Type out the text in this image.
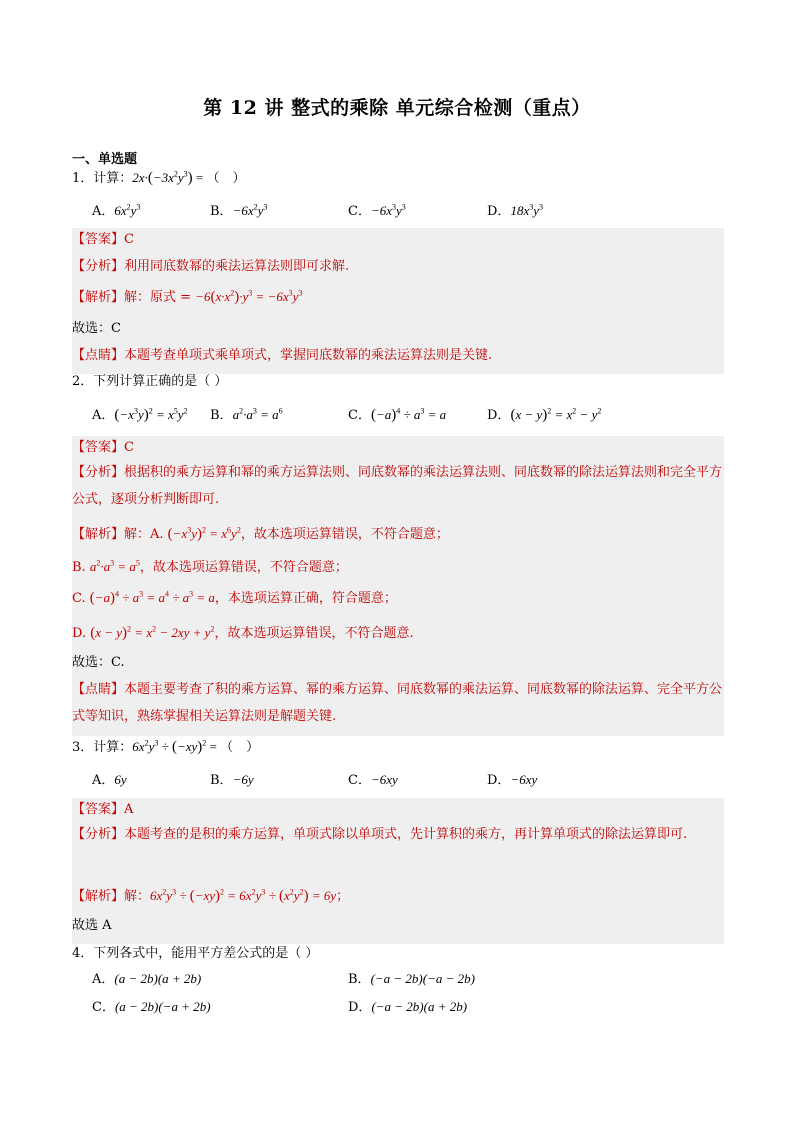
第 12 讲 整式的乘除 单元综合检测（重点）
一、单选题
1．计算：$2x\cdot(-3x^2y^3)$ = （    ）
A．$6x^2y^3$	B．$-6x^2y^3$	C．$-6x^3y^3$	D．$18x^3y^3$
【答案】C
【分析】利用同底数幂的乘法运算法则即可求解.
【解析】解：原式 = $-6(x\cdot x^2)\cdot y^3 = -6x^3y^3$
故选：C
【点睛】本题考查单项式乘单项式，掌握同底数幂的乘法运算法则是关键.
2．下列计算正确的是（ ）
A．$(-x^3y)^2 = x^5y^2$ B．$a^2\cdot a^3 = a^6$	C．$(-a)^4 \div a^3 = a$	D．$(x - y)^2 = x^2 - y^2$
【答案】C
【分析】根据积的乘方运算和幂的乘方运算法则、同底数幂的乘法运算法则、同底数幂的除法运算法则和完全平方公式，逐项分析判断即可.
【解析】解：A. $(-x^3y)^2 = x^6y^2$，故本选项运算错误，不符合题意；
B. $a^2\cdot a^3 = a^5$，故本选项运算错误，不符合题意；
C. $(-a)^4 \div a^3 = a^4 \div a^3 = a$，本选项运算正确，符合题意；
D. $(x - y)^2 = x^2 - 2xy + y^2$，故本选项运算错误，不符合题意.
故选：C.
【点睛】本题主要考查了积的乘方运算、幂的乘方运算、同底数幂的乘法运算、同底数幂的除法运算、完全平方公式等知识，熟练掌握相关运算法则是解题关键.
3．计算：$6x^2y^3 \div (-xy)^2$ = （    ）
A．6y	B．−6y	C．−6xy	D．−6xy
【答案】A
【分析】本题考查的是积的乘方运算，单项式除以单项式，先计算积的乘方，再计算单项式的除法运算即可.
【解析】解：$6x^2y^3 \div (-xy)^2 = 6x^2y^3 \div (x^2y^2) = 6y$；
故选 A
4．下列各式中，能用平方差公式的是（ ）
A．(a − 2b)(a + 2b)	B．(−a − 2b)(−a − 2b)
C．(a − 2b)(−a + 2b)	D．(−a − 2b)(a + 2b)
